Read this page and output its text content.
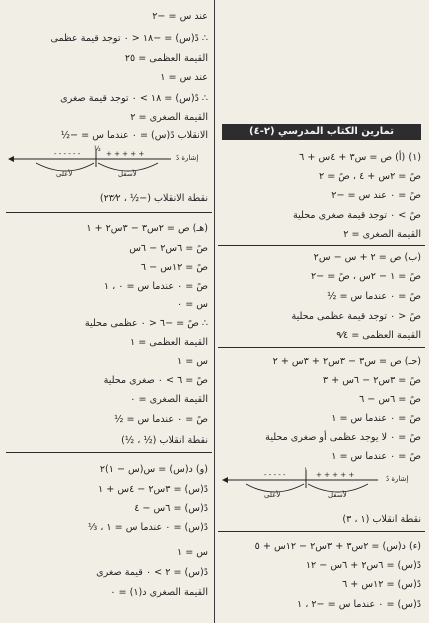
عند س = −٢
∴ دً(س) = −١٨ < ٠ توجد قيمة عظمى
القيمة العظمى = ٢٥
عند س = ١
∴ دً(س) = ١٨ > ٠ توجد قيمة صغرى
القيمة الصغرى = ٢
الانقلاب دً(س) = ٠ عندما س = −½
½
- - - - - -	+ + + + +	إشارة دً
لأعلى	لأسفل
نقطة الانقلاب (−½ ، ٢٣⁄٢)
(هـ) ص = ٢س٣ − ٣س٢ + ١
صً = ٦س٢ − ٦س
صً = ١٢س − ٦
صً = ٠ عندما س = ٠ ، ١
س = ٠
∴ صً = −٦ < ٠ عظمى محلية
القيمة العظمى = ١
س = ١
صً = ٦ > ٠ صغرى محلية
القيمة الصغرى = ٠
صً = ٠ عندما س = ½
نقطة انقلاب (½ ، ½)
(و) د(س) = س(س − ١)٢
دً(س) = ٣س٢ − ٤س + ١
دً(س) = ٦س − ٤
دً(س) = ٠ عندما س = ١ ، ⅓
س = ١
دً(س) = ٢ > ٠ قيمة صغرى
القيمة الصغرى د(١) = ٠
تمارين الكتاب المدرسي (٢-٤)
(١) (أ) ص = س٣ + ٤س + ٦
صً = ٢س + ٤ ، صً = ٢
صً = ٠ عند س = −٢
صً > ٠ توجد قيمة صغرى محلية
القيمة الصغرى = ٢
(ب) ص = ٢ + س − س٢
صً = ١ − ٢س ، صً = −٢
صً = ٠ عندما س = ½
صً < ٠ توجد قيمة عظمى محلية
القيمة العظمى = ٩⁄٤
(حـ) ص = س٣ − ٣س٢ + ٣س + ٢
صً = ٣س٢ − ٦س + ٣
صً = ٦س − ٦
صً = ٠ عندما س = ١
صً = ٠ لا يوجد عظمى أو صغرى محلية
صً = ٠ عندما س = ١
١
- - - - -	+ + + + +	إشارة دً
لأعلى	لأسفل
نقطة انقلاب (١ ، ٣)
(ء) د(س) = ٢س٣ + ٣س٢ − ١٢س + ٥
دً(س) = ٦س٢ + ٦س − ١٢
دً(س) = ١٢س + ٦
دً(س) = ٠ عندما س = −٢ ، ١
